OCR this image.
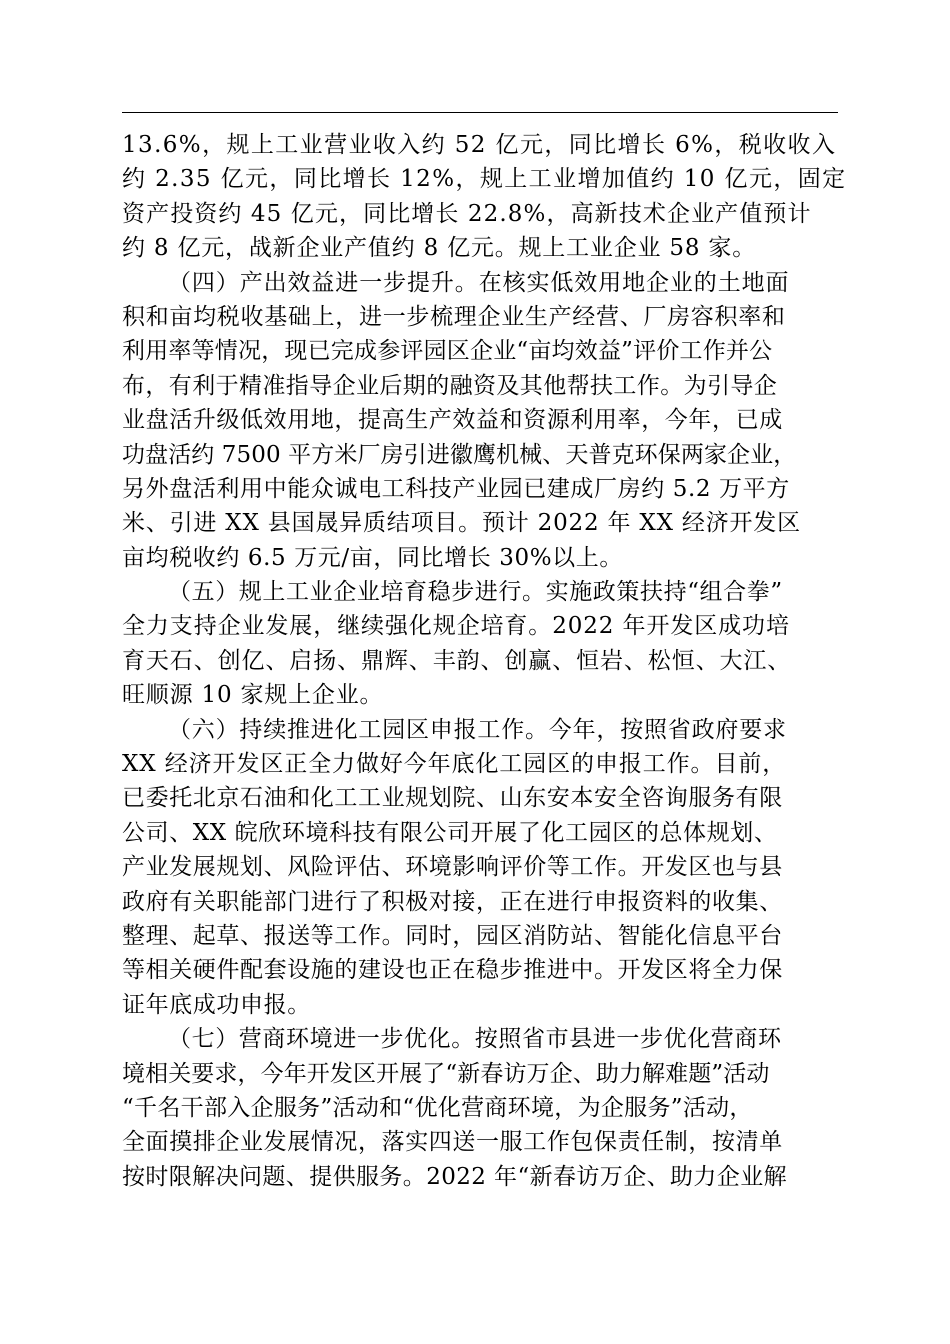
13.6%，规上工业营业收入约 52 亿元，同比增长 6%，税收收入
约 2.35 亿元，同比增长 12%，规上工业增加值约 10 亿元，固定
资产投资约 45 亿元，同比增长 22.8%，高新技术企业产值预计
约 8 亿元，战新企业产值约 8 亿元。规上工业企业 58 家。
（四）产出效益进一步提升。在核实低效用地企业的土地面
积和亩均税收基础上，进一步梳理企业生产经营、厂房容积率和
利用率等情况，现已完成参评园区企业“亩均效益”评价工作并公
布，有利于精准指导企业后期的融资及其他帮扶工作。为引导企
业盘活升级低效用地，提高生产效益和资源利用率，今年，已成
功盘活约 7500 平方米厂房引进徽鹰机械、天普克环保两家企业，
另外盘活利用中能众诚电工科技产业园已建成厂房约 5.2 万平方
米、引进 XX 县国晟异质结项目。预计 2022 年 XX 经济开发区
亩均税收约 6.5 万元/亩，同比增长 30%以上。
（五）规上工业企业培育稳步进行。实施政策扶持“组合拳”
全力支持企业发展，继续强化规企培育。2022 年开发区成功培
育天石、创亿、启扬、鼎辉、丰韵、创赢、恒岩、松恒、大江、
旺顺源 10 家规上企业。
（六）持续推进化工园区申报工作。今年，按照省政府要求
XX 经济开发区正全力做好今年底化工园区的申报工作。目前，
已委托北京石油和化工工业规划院、山东安本安全咨询服务有限
公司、XX 皖欣环境科技有限公司开展了化工园区的总体规划、
产业发展规划、风险评估、环境影响评价等工作。开发区也与县
政府有关职能部门进行了积极对接，正在进行申报资料的收集、
整理、起草、报送等工作。同时，园区消防站、智能化信息平台
等相关硬件配套设施的建设也正在稳步推进中。开发区将全力保
证年底成功申报。
（七）营商环境进一步优化。按照省市县进一步优化营商环
境相关要求，今年开发区开展了“新春访万企、助力解难题”活动
“千名干部入企服务”活动和“优化营商环境，为企服务”活动，
全面摸排企业发展情况，落实四送一服工作包保责任制，按清单
按时限解决问题、提供服务。2022 年“新春访万企、助力企业解
